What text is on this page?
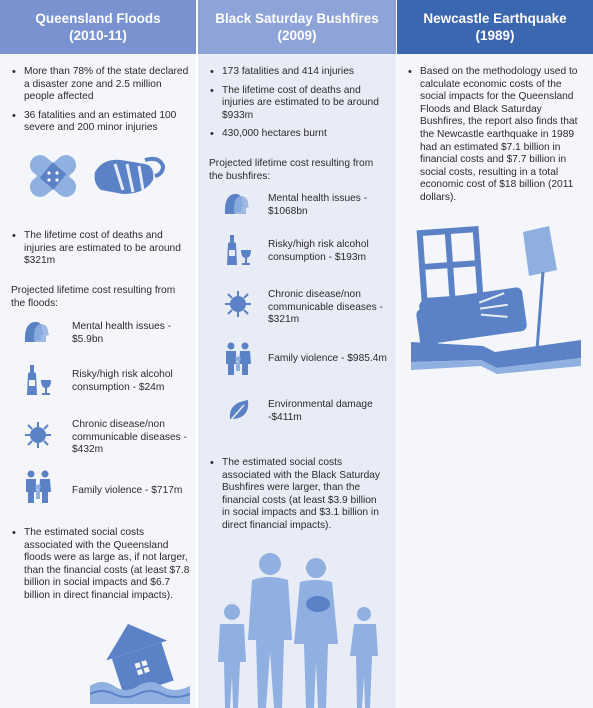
Queensland Floods
(2010-11)
• More than 78% of the state declared a disaster zone and 2.5 million people affected
• 36 fatalities and an estimated 100 severe and 200 minor injuries
• The lifetime cost of deaths and injuries are estimated to be around $321m
Projected lifetime cost resulting from the floods:
Mental health issues - $5.9bn
Risky/high risk alcohol consumption - $24m
Chronic disease/non communicable diseases - $432m
Family violence - $717m
• The estimated social costs associated with the Queensland floods were as large as, if not larger, than the financial costs (at least $7.8 billion in social impacts and $6.7 billion in direct financial impacts).
Black Saturday Bushfires
(2009)
• 173 fatalities and 414 injuries
• The lifetime cost of deaths and injuries are estimated to be around $933m
• 430,000 hectares burnt
Projected lifetime cost resulting from the bushfires:
Mental health issues - $1068bn
Risky/high risk alcohol consumption - $193m
Chronic disease/non communicable diseases - $321m
Family violence - $985.4m
Environmental damage -$411m
• The estimated social costs associated with the Black Saturday Bushfires were larger, than the financial costs (at least $3.9 billion in social impacts and $3.1 billion in direct financial impacts).
Newcastle Earthquake
(1989)
• Based on the methodology used to calculate economic costs of the social impacts for the Queensland Floods and Black Saturday Bushfires, the report also finds that the Newcastle earthquake in 1989 had an estimated $7.1 billion in financial costs and $7.7 billion in social costs, resulting in a total economic cost of $18 billion (2011 dollars).
